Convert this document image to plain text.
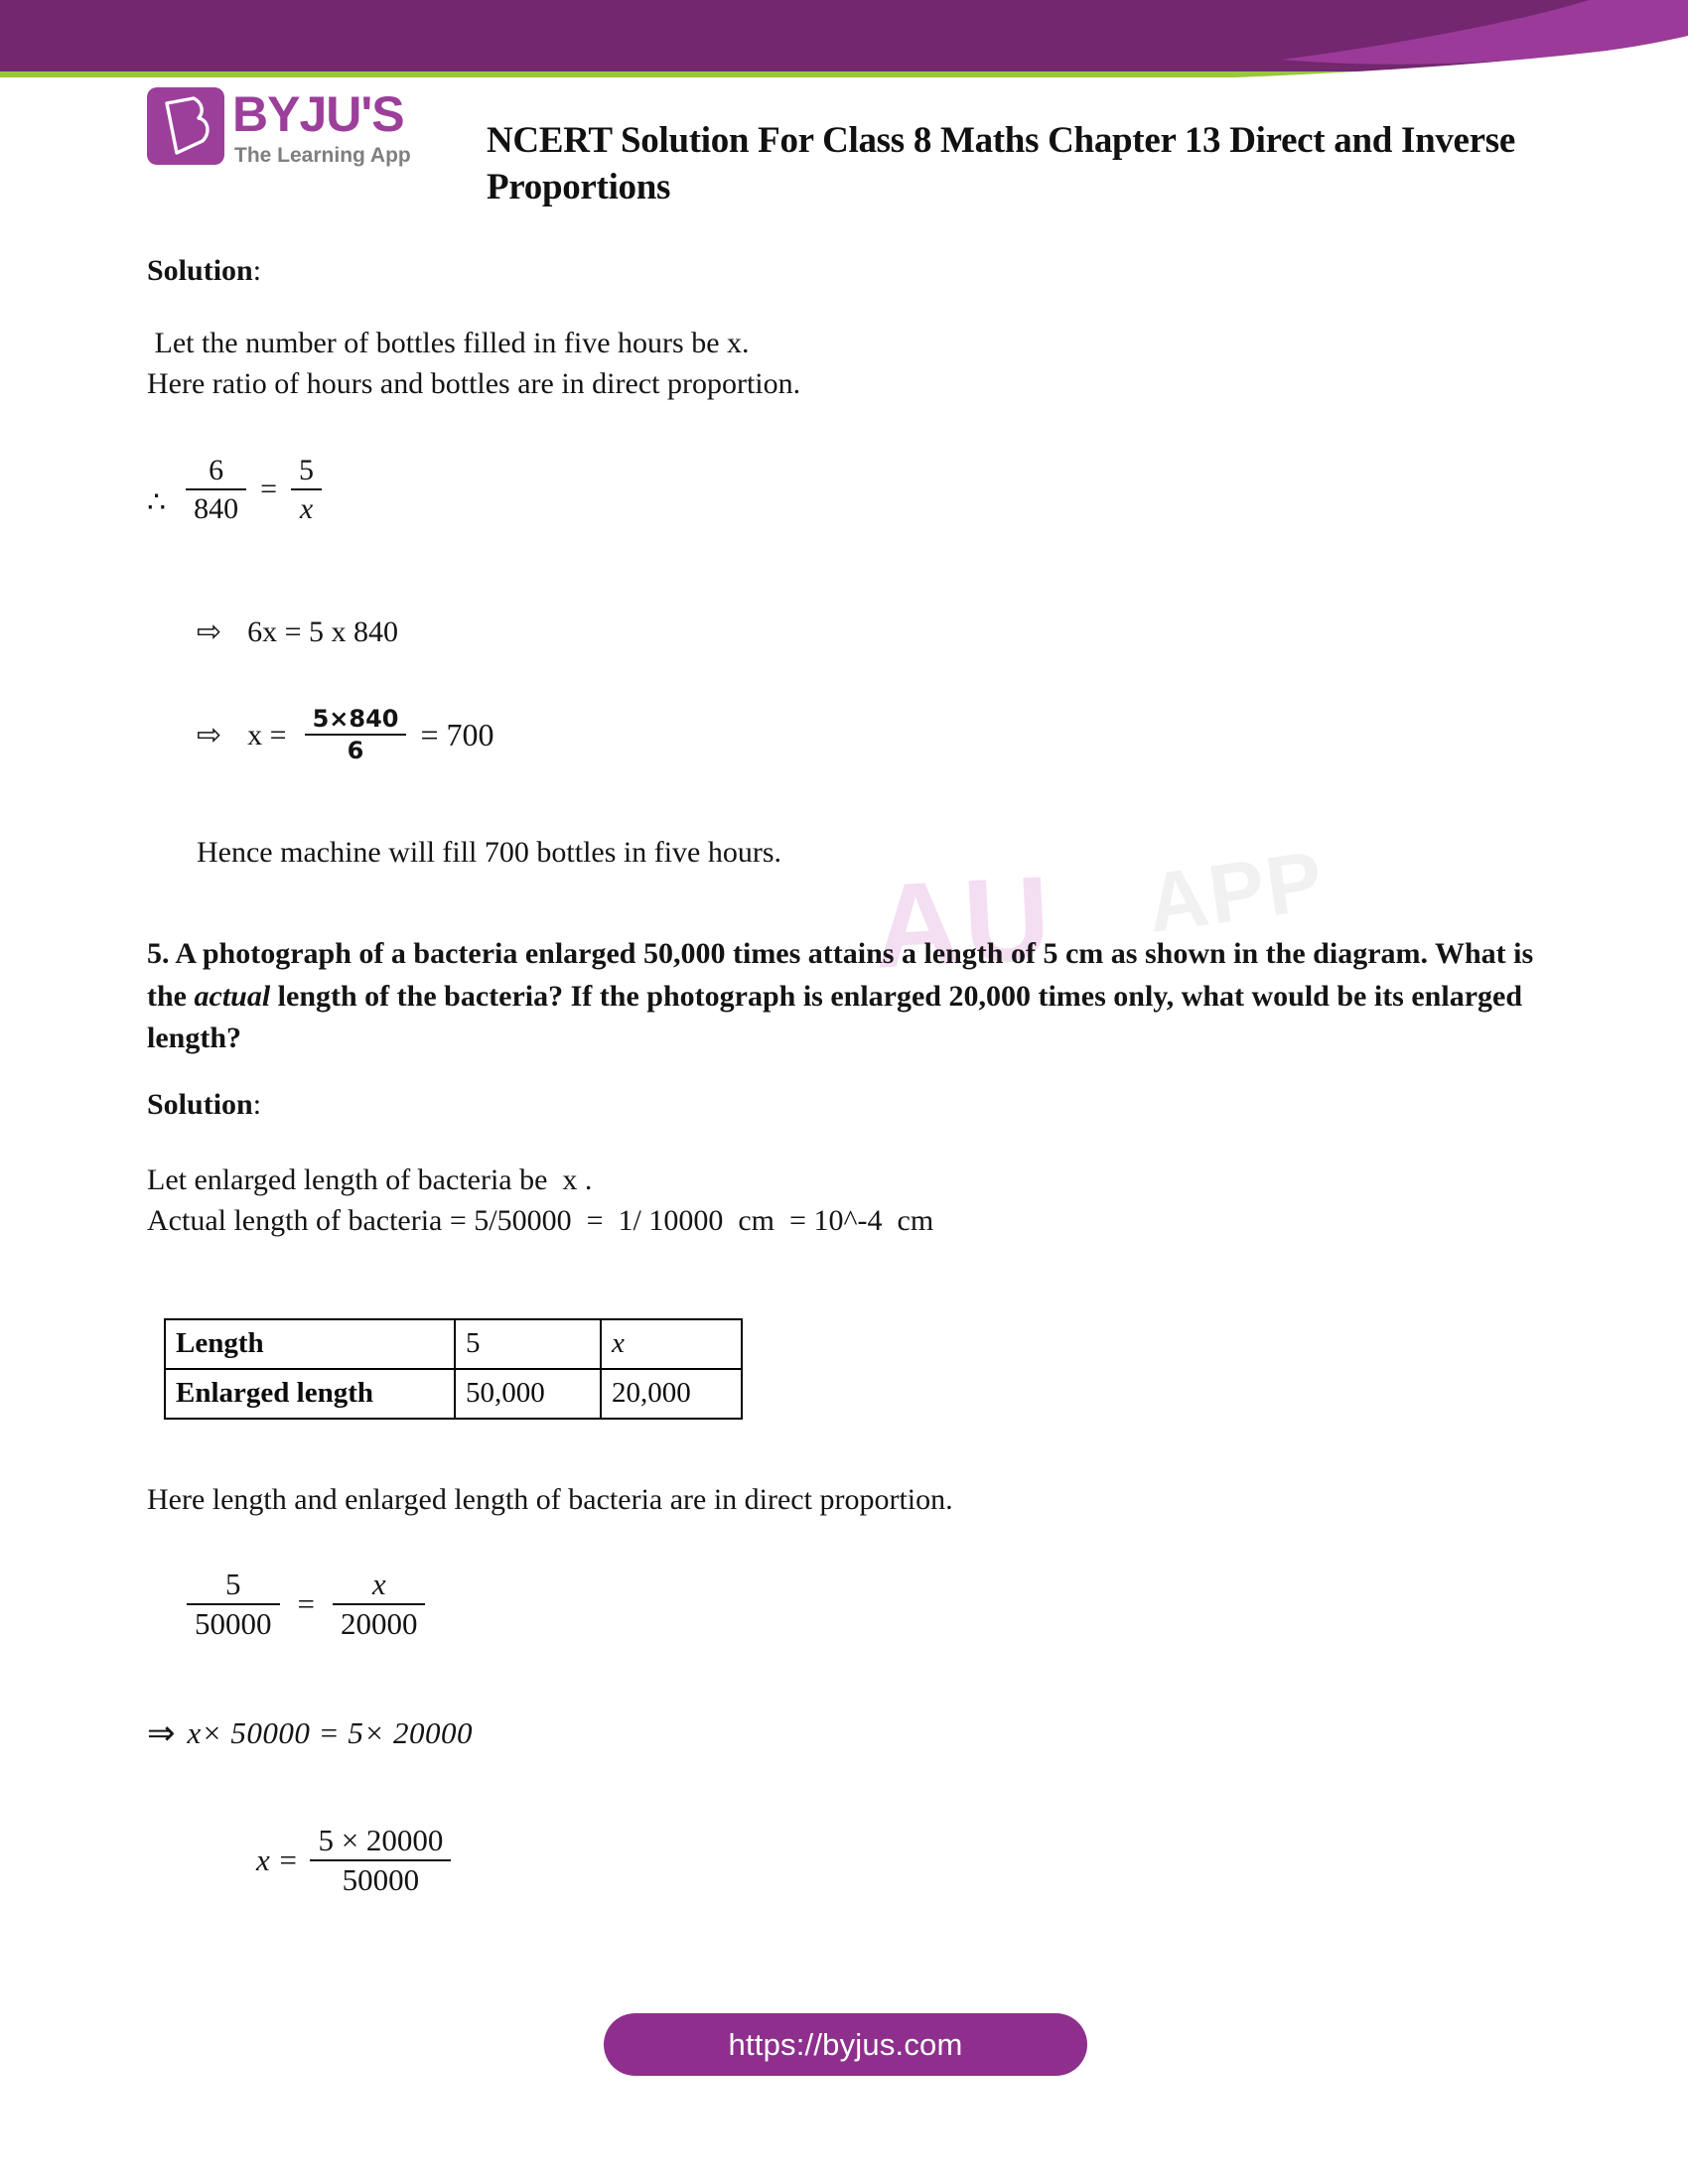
BYJU'S
The Learning App NCERT Solution For Class 8 Maths Chapter 13 Direct and Inverse Proportions
AU APP
Solution:
Let the number of bottles filled in five hours be x.
Here ratio of hours and bottles are in direct proportion.
∴ $\frac{6}{840} = \frac{5}{x}$
⇨ 6x = 5 x 840
⇨ $x = \frac{5\times 840}{6} = 700$
Hence machine will fill 700 bottles in five hours.
5. A photograph of a bacteria enlarged 50,000 times attains a length of 5 cm as shown in the diagram. What is the actual length of the bacteria? If the photograph is enlarged 20,000 times only, what would be its enlarged length?
Solution:
Let enlarged length of bacteria be  x .
Actual length of bacteria = 5/50000  =  1/ 10000  cm  = 10^-4  cm
Length	5	x
Enlarged length	50,000	20,000
Here length and enlarged length of bacteria are in direct proportion.
$\frac{5}{50000} = \frac{x}{20000}$
⇒ x× 50000 = 5× 20000
$x = \frac{5 \times 20000}{50000}$
https://byjus.com
